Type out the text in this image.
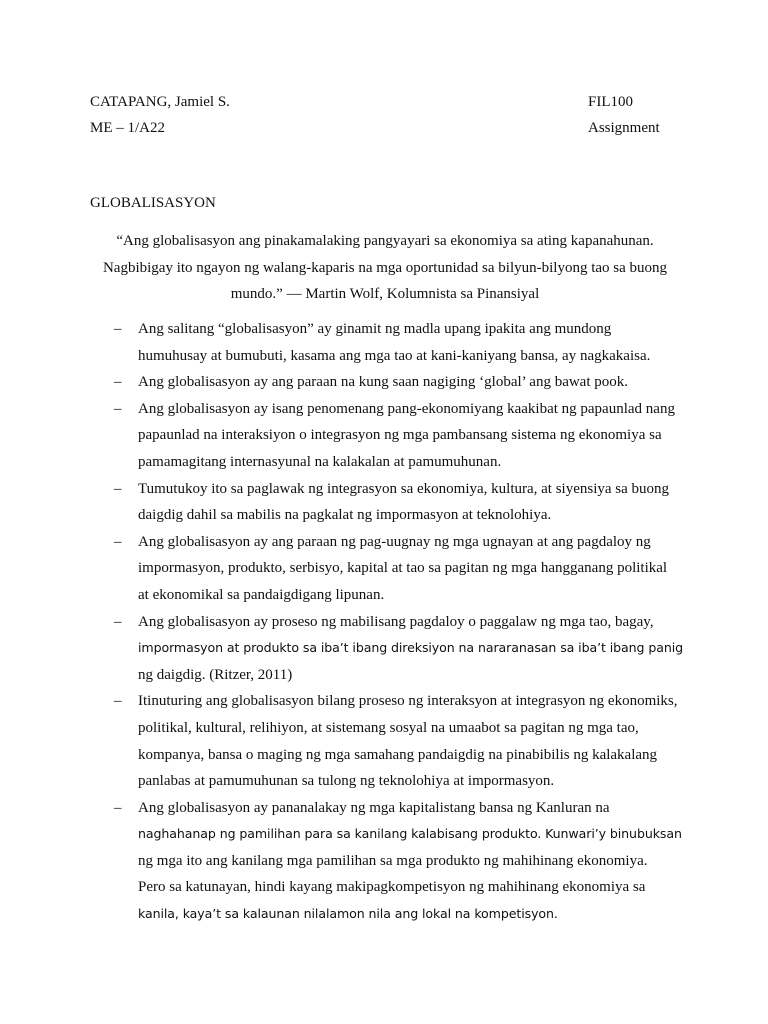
CATAPANG, Jamiel S.	FIL100
ME – 1/A22	Assignment
GLOBALISASYON
“Ang globalisasyon ang pinakamalaking pangyayari sa ekonomiya sa ating kapanahunan.
Nagbibigay ito ngayon ng walang-kaparis na mga oportunidad sa bilyun-bilyong tao sa buong
mundo.” — Martin Wolf, Kolumnista sa Pinansiyal
– Ang salitang “globalisasyon” ay ginamit ng madla upang ipakita ang mundong
humuhusay at bumubuti, kasama ang mga tao at kani-kaniyang bansa, ay nagkakaisa.
– Ang globalisasyon ay ang paraan na kung saan nagiging ‘global’ ang bawat pook.
– Ang globalisasyon ay isang penomenang pang-ekonomiyang kaakibat ng papaunlad nang
papaunlad na interaksiyon o integrasyon ng mga pambansang sistema ng ekonomiya sa
pamamagitang internasyunal na kalakalan at pamumuhunan.
– Tumutukoy ito sa paglawak ng integrasyon sa ekonomiya, kultura, at siyensiya sa buong
daigdig dahil sa mabilis na pagkalat ng impormasyon at teknolohiya.
– Ang globalisasyon ay ang paraan ng pag-uugnay ng mga ugnayan at ang pagdaloy ng
impormasyon, produkto, serbisyo, kapital at tao sa pagitan ng mga hangganang politikal
at ekonomikal sa pandaigdigang lipunan.
– Ang globalisasyon ay proseso ng mabilisang pagdaloy o paggalaw ng mga tao, bagay,
impormasyon at produkto sa iba’t ibang direksiyon na nararanasan sa iba’t ibang panig
ng daigdig. (Ritzer, 2011)
– Itinuturing ang globalisasyon bilang proseso ng interaksyon at integrasyon ng ekonomiks,
politikal, kultural, relihiyon, at sistemang sosyal na umaabot sa pagitan ng mga tao,
kompanya, bansa o maging ng mga samahang pandaigdig na pinabibilis ng kalakalang
panlabas at pamumuhunan sa tulong ng teknolohiya at impormasyon.
– Ang globalisasyon ay pananalakay ng mga kapitalistang bansa ng Kanluran na
naghahanap ng pamilihan para sa kanilang kalabisang produkto. Kunwari’y binubuksan
ng mga ito ang kanilang mga pamilihan sa mga produkto ng mahihinang ekonomiya.
Pero sa katunayan, hindi kayang makipagkompetisyon ng mahihinang ekonomiya sa
kanila, kaya’t sa kalaunan nilalamon nila ang lokal na kompetisyon.
